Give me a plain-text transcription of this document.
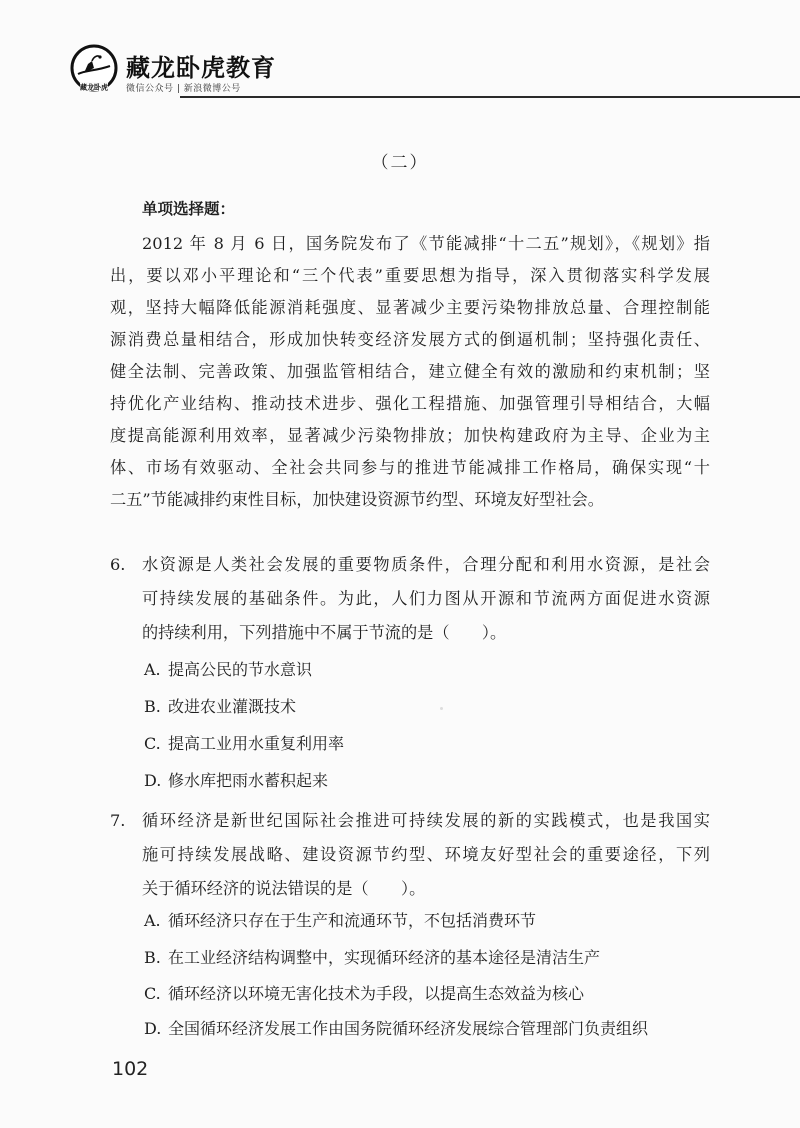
藏龙卧虎
藏龙卧虎教育
微信公众号 | 新浪微博公号
（二）
单项选择题：
2012 年 8 月 6 日，国务院发布了《节能减排“十二五”规划》，《规划》指
出，要以邓小平理论和“三个代表”重要思想为指导，深入贯彻落实科学发展
观，坚持大幅降低能源消耗强度、显著减少主要污染物排放总量、合理控制能
源消费总量相结合，形成加快转变经济发展方式的倒逼机制；坚持强化责任、
健全法制、完善政策、加强监管相结合，建立健全有效的激励和约束机制；坚
持优化产业结构、推动技术进步、强化工程措施、加强管理引导相结合，大幅
度提高能源利用效率，显著减少污染物排放；加快构建政府为主导、企业为主
体、市场有效驱动、全社会共同参与的推进节能减排工作格局，确保实现“十
二五”节能减排约束性目标，加快建设资源节约型、环境友好型社会。
6. 水资源是人类社会发展的重要物质条件，合理分配和利用水资源，是社会
可持续发展的基础条件。为此，人们力图从开源和节流两方面促进水资源
的持续利用，下列措施中不属于节流的是（　　）。
A. 提高公民的节水意识
B. 改进农业灌溉技术
C. 提高工业用水重复利用率
D. 修水库把雨水蓄积起来
7. 循环经济是新世纪国际社会推进可持续发展的新的实践模式，也是我国实
施可持续发展战略、建设资源节约型、环境友好型社会的重要途径，下列
关于循环经济的说法错误的是（　　）。
A. 循环经济只存在于生产和流通环节，不包括消费环节
B. 在工业经济结构调整中，实现循环经济的基本途径是清洁生产
C. 循环经济以环境无害化技术为手段，以提高生态效益为核心
D. 全国循环经济发展工作由国务院循环经济发展综合管理部门负责组织
102
